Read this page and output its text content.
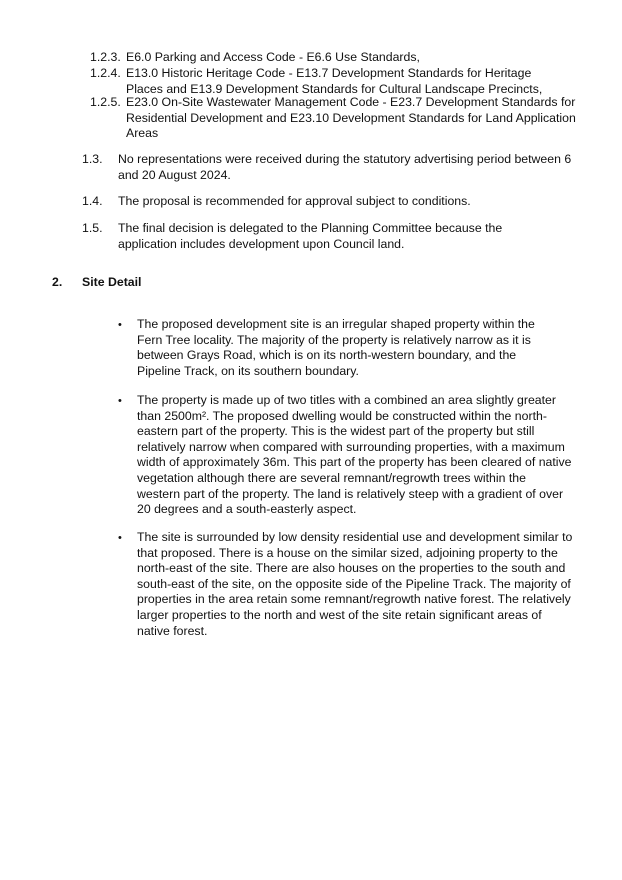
1.2.3. E6.0 Parking and Access Code - E6.6 Use Standards,
1.2.4. E13.0 Historic Heritage Code - E13.7 Development Standards for Heritage Places and E13.9 Development Standards for Cultural Landscape Precincts,
1.2.5. E23.0 On-Site Wastewater Management Code - E23.7 Development Standards for Residential Development and E23.10 Development Standards for Land Application Areas
1.3. No representations were received during the statutory advertising period between 6 and 20 August 2024.
1.4. The proposal is recommended for approval subject to conditions.
1.5. The final decision is delegated to the Planning Committee because the application includes development upon Council land.
2. Site Detail
• The proposed development site is an irregular shaped property within the Fern Tree locality. The majority of the property is relatively narrow as it is between Grays Road, which is on its north-western boundary, and the Pipeline Track, on its southern boundary.
• The property is made up of two titles with a combined an area slightly greater than 2500m². The proposed dwelling would be constructed within the north-eastern part of the property. This is the widest part of the property but still relatively narrow when compared with surrounding properties, with a maximum width of approximately 36m. This part of the property has been cleared of native vegetation although there are several remnant/regrowth trees within the western part of the property. The land is relatively steep with a gradient of over 20 degrees and a south-easterly aspect.
• The site is surrounded by low density residential use and development similar to that proposed. There is a house on the similar sized, adjoining property to the north-east of the site. There are also houses on the properties to the south and south-east of the site, on the opposite side of the Pipeline Track. The majority of properties in the area retain some remnant/regrowth native forest. The relatively larger properties to the north and west of the site retain significant areas of native forest.
